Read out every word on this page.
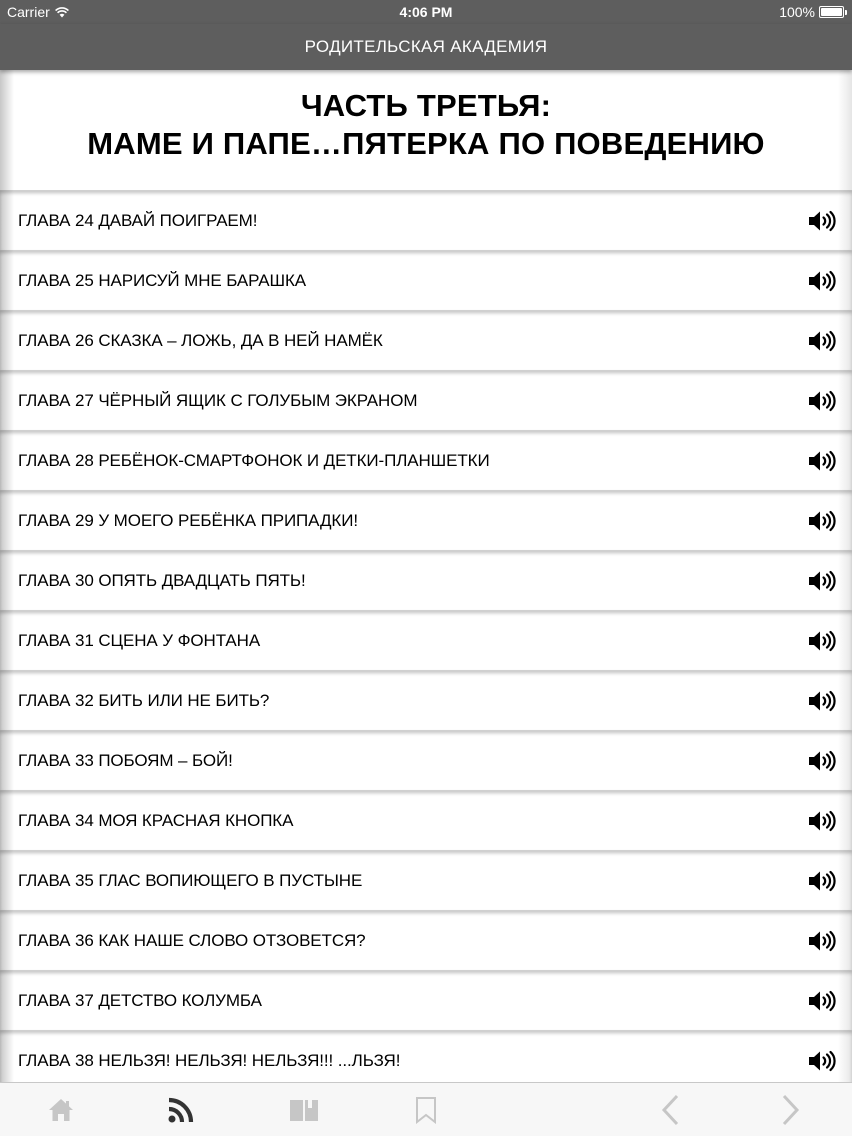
Carrier	4:06 PM	100%
РОДИТЕЛЬСКАЯ АКАДЕМИЯ
ЧАСТЬ ТРЕТЬЯ:
МАМЕ И ПАПЕ…ПЯТЕРКА ПО ПОВЕДЕНИЮ
ГЛАВА 24 ДАВАЙ ПОИГРАЕМ!
ГЛАВА 25 НАРИСУЙ МНЕ БАРАШКА
ГЛАВА 26 СКАЗКА – ЛОЖЬ, ДА В НЕЙ НАМЁК
ГЛАВА 27 ЧЁРНЫЙ ЯЩИК С ГОЛУБЫМ ЭКРАНОМ
ГЛАВА 28 РЕБЁНОК-СМАРТФОНОК И ДЕТКИ-ПЛАНШЕТКИ
ГЛАВА 29 У МОЕГО РЕБЁНКА ПРИПАДКИ!
ГЛАВА 30 ОПЯТЬ ДВАДЦАТЬ ПЯТЬ!
ГЛАВА 31 СЦЕНА У ФОНТАНА
ГЛАВА 32 БИТЬ ИЛИ НЕ БИТЬ?
ГЛАВА 33 ПОБОЯМ – БОЙ!
ГЛАВА 34 МОЯ КРАСНАЯ КНОПКА
ГЛАВА 35 ГЛАС ВОПИЮЩЕГО В ПУСТЫНЕ
ГЛАВА 36 КАК НАШЕ СЛОВО ОТЗОВЕТСЯ?
ГЛАВА 37 ДЕТСТВО КОЛУМБА
ГЛАВА 38 НЕЛЬЗЯ! НЕЛЬЗЯ! НЕЛЬЗЯ!!! ...ЛЬЗЯ!
